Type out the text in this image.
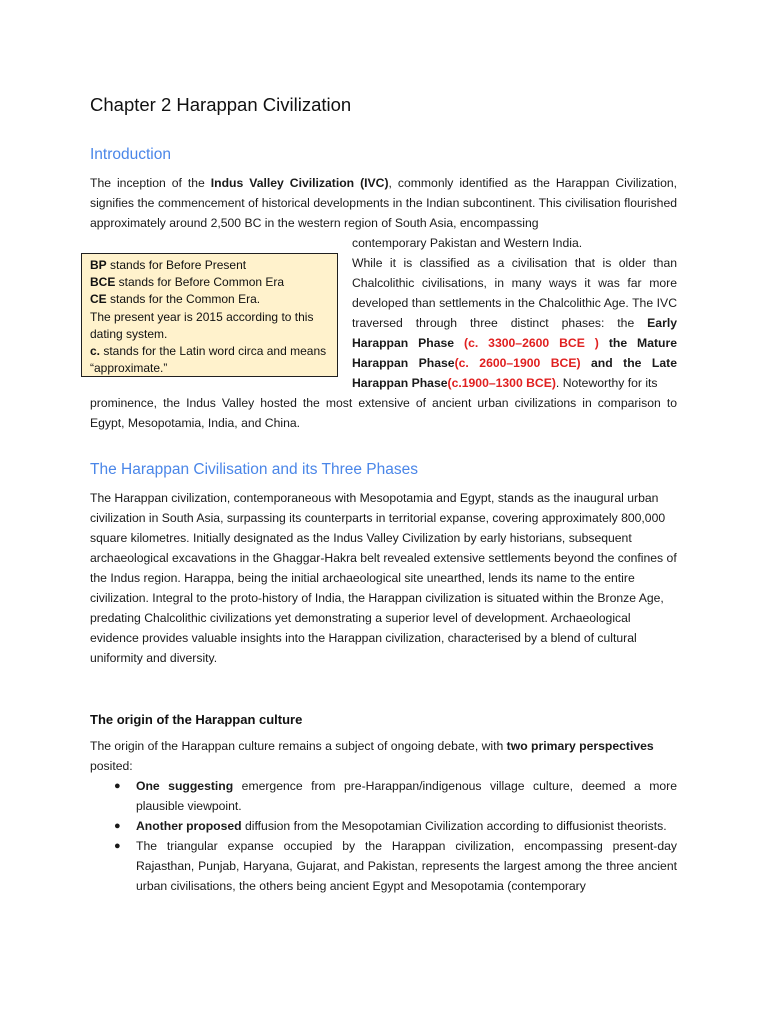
Chapter 2 Harappan Civilization
Introduction

The inception of the Indus Valley Civilization (IVC), commonly identified as the Harappan Civilization, signifies the commencement of historical developments in the Indian subcontinent. This civilisation flourished approximately around 2,500 BC in the western region of South Asia, encompassing

contemporary Pakistan and Western India.

BP stands for Before Present
BCE stands for Before Common Era
CE stands for the Common Era.
The present year is 2015 according to this dating system.
c. stands for the Latin word circa and means “approximate.”

While it is classified as a civilisation that is older than Chalcolithic civilisations, in many ways it was far more developed than settlements in the Chalcolithic Age. The IVC traversed through three distinct phases: the Early Harappan Phase (c. 3300–2600 BCE ) the Mature Harappan Phase(c. 2600–1900 BCE) and the Late Harappan Phase(c.1900–1300 BCE). Noteworthy for its

prominence, the Indus Valley hosted the most extensive of ancient urban civilizations in comparison to Egypt, Mesopotamia, India, and China.

The Harappan Civilisation and its Three Phases

The Harappan civilization, contemporaneous with Mesopotamia and Egypt, stands as the inaugural urban civilization in South Asia, surpassing its counterparts in territorial expanse, covering approximately 800,000 square kilometres. Initially designated as the Indus Valley Civilization by early historians, subsequent archaeological excavations in the Ghaggar-Hakra belt revealed extensive settlements beyond the confines of the Indus region. Harappa, being the initial archaeological site unearthed, lends its name to the entire civilization. Integral to the proto-history of India, the Harappan civilization is situated within the Bronze Age, predating Chalcolithic civilizations yet demonstrating a superior level of development. Archaeological evidence provides valuable insights into the Harappan civilization, characterised by a blend of cultural uniformity and diversity.

The origin of the Harappan culture

The origin of the Harappan culture remains a subject of ongoing debate, with two primary perspectives posited:

● One suggesting emergence from pre-Harappan/indigenous village culture, deemed a more plausible viewpoint.
● Another proposed diffusion from the Mesopotamian Civilization according to diffusionist theorists.
● The triangular expanse occupied by the Harappan civilization, encompassing present-day Rajasthan, Punjab, Haryana, Gujarat, and Pakistan, represents the largest among the three ancient urban civilisations, the others being ancient Egypt and Mesopotamia (contemporary
